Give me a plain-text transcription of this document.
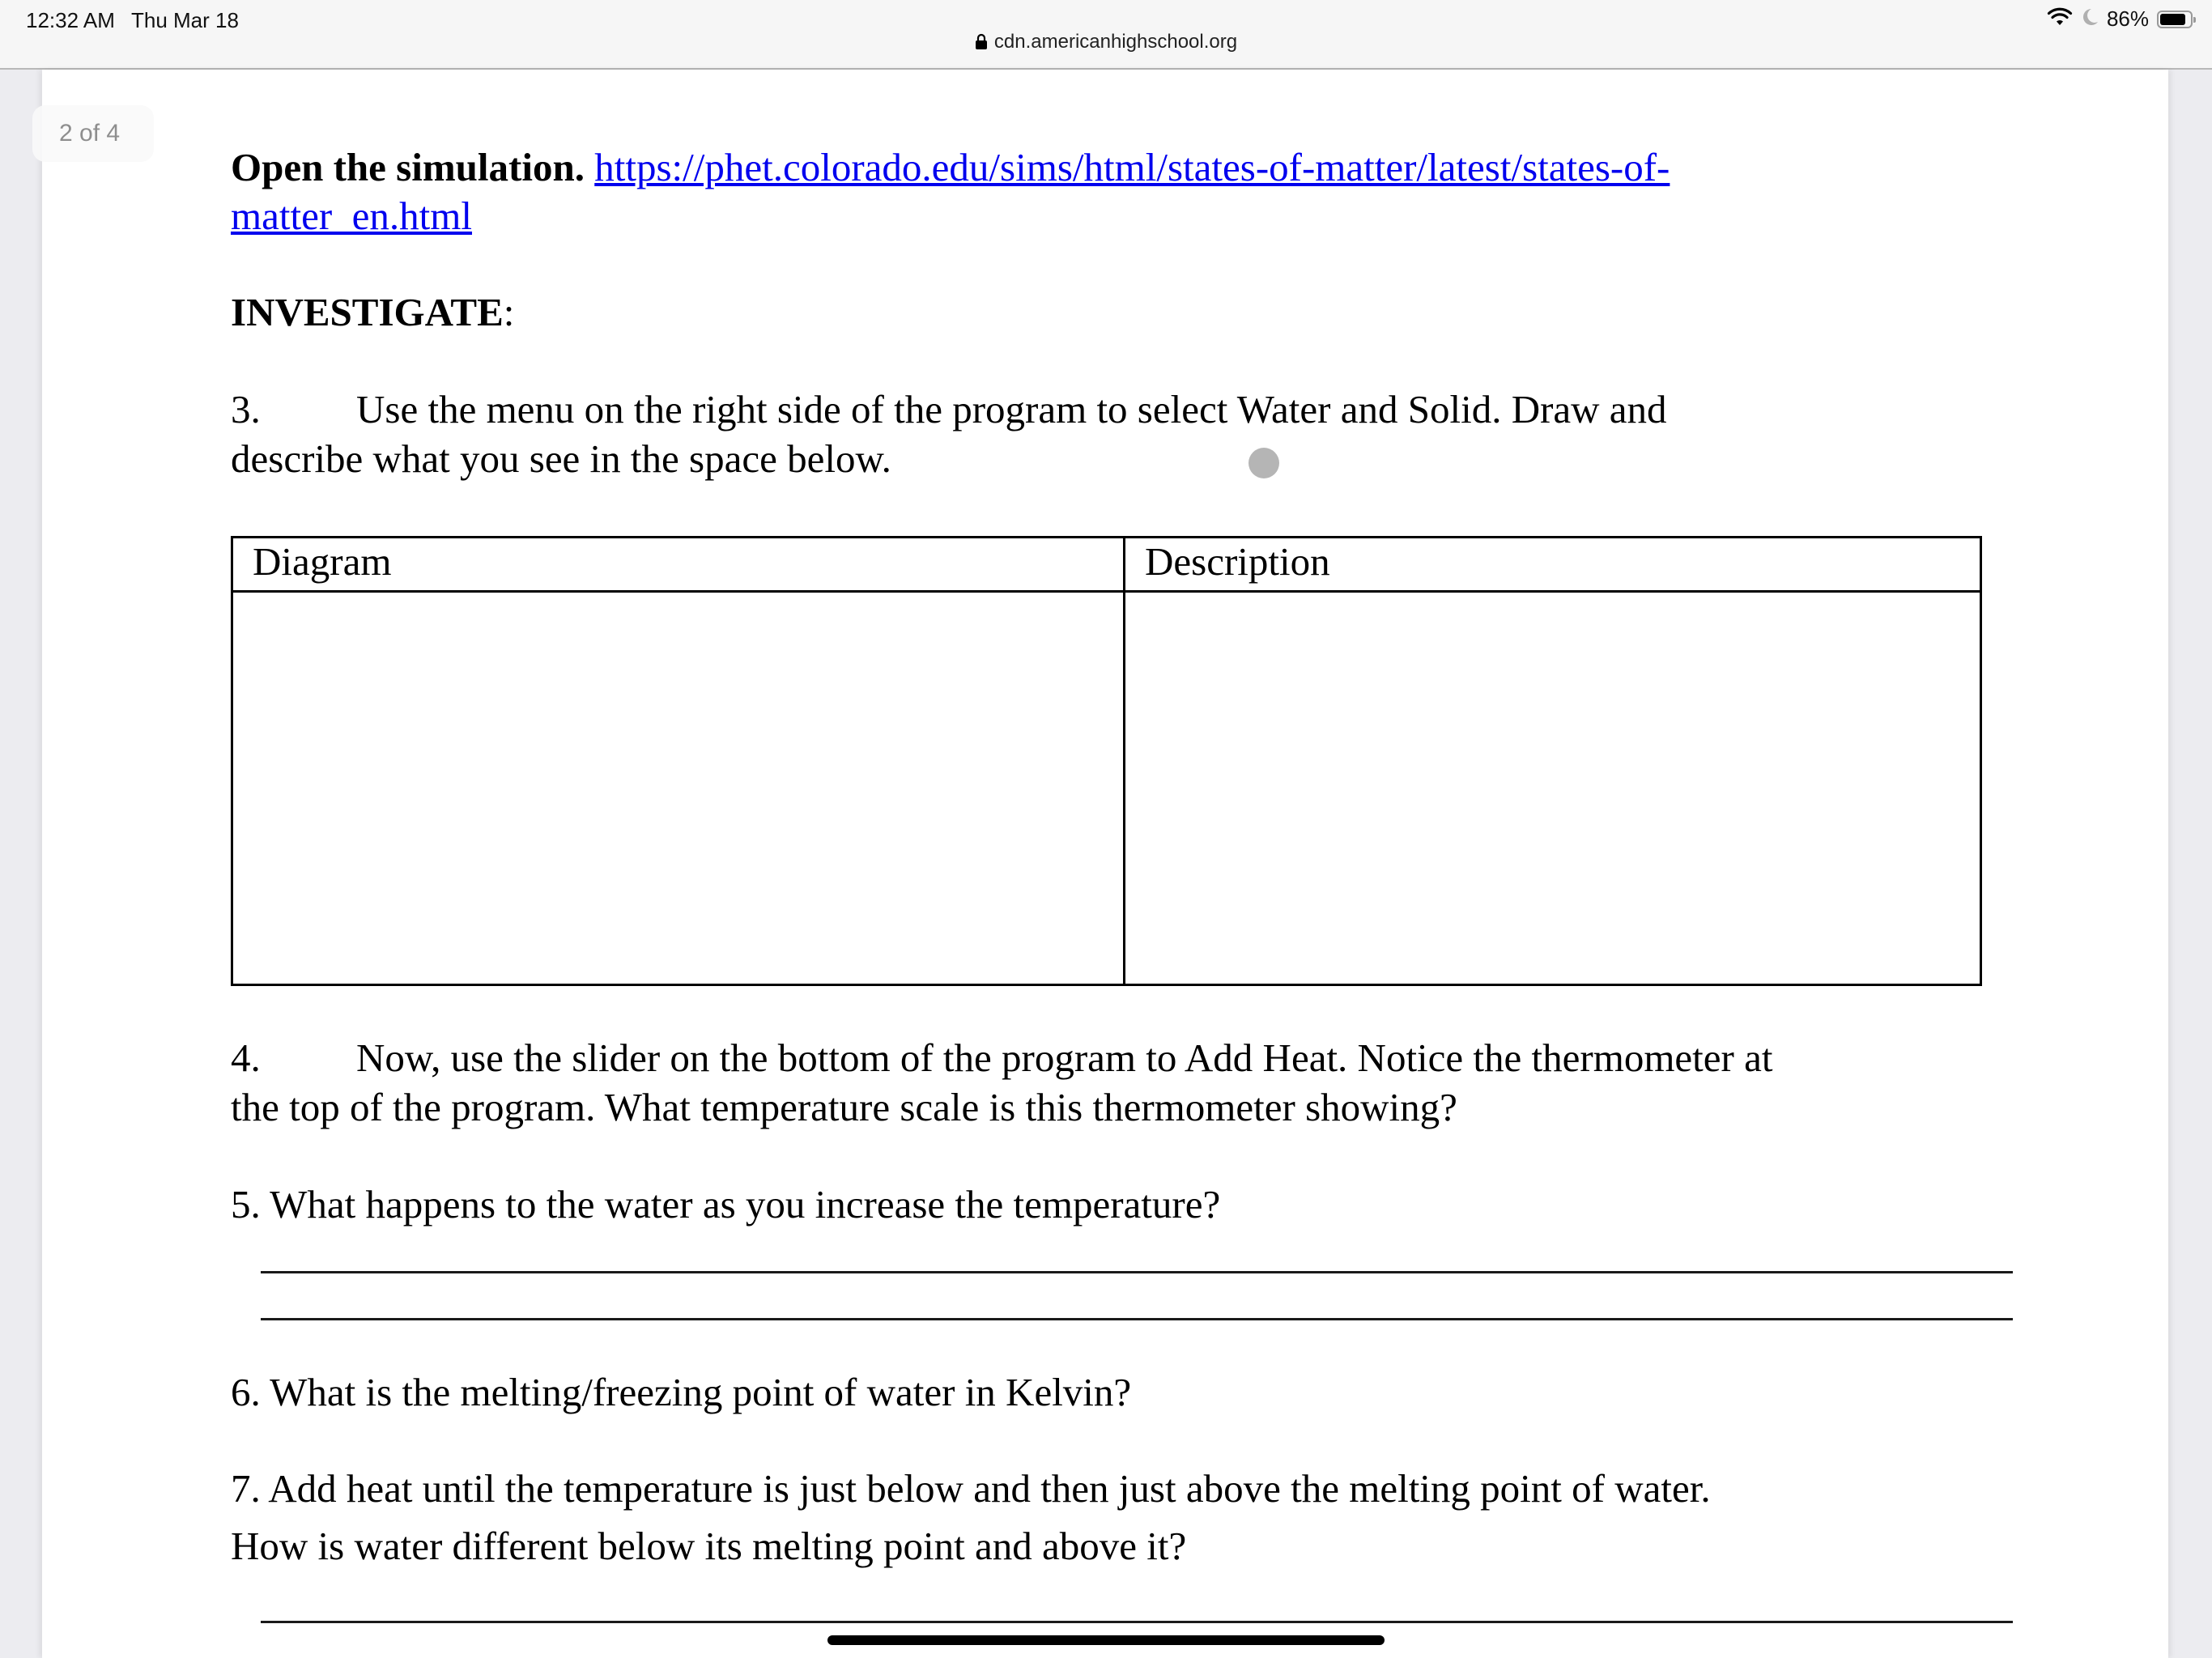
12:32 AM Thu Mar 18
cdn.americanhighschool.org
86%
2 of 4
Open the simulation. https://phet.colorado.edu/sims/html/states-of-matter/latest/states-of-
matter_en.html
INVESTIGATE:
3. Use the menu on the right side of the program to select Water and Solid. Draw and
describe what you see in the space below.
4. Now, use the slider on the bottom of the program to Add Heat. Notice the thermometer at
the top of the program. What temperature scale is this thermometer showing?
5. What happens to the water as you increase the temperature?
6. What is the melting/freezing point of water in Kelvin?
7. Add heat until the temperature is just below and then just above the melting point of water.
How is water different below its melting point and above it?
Diagram	Description
